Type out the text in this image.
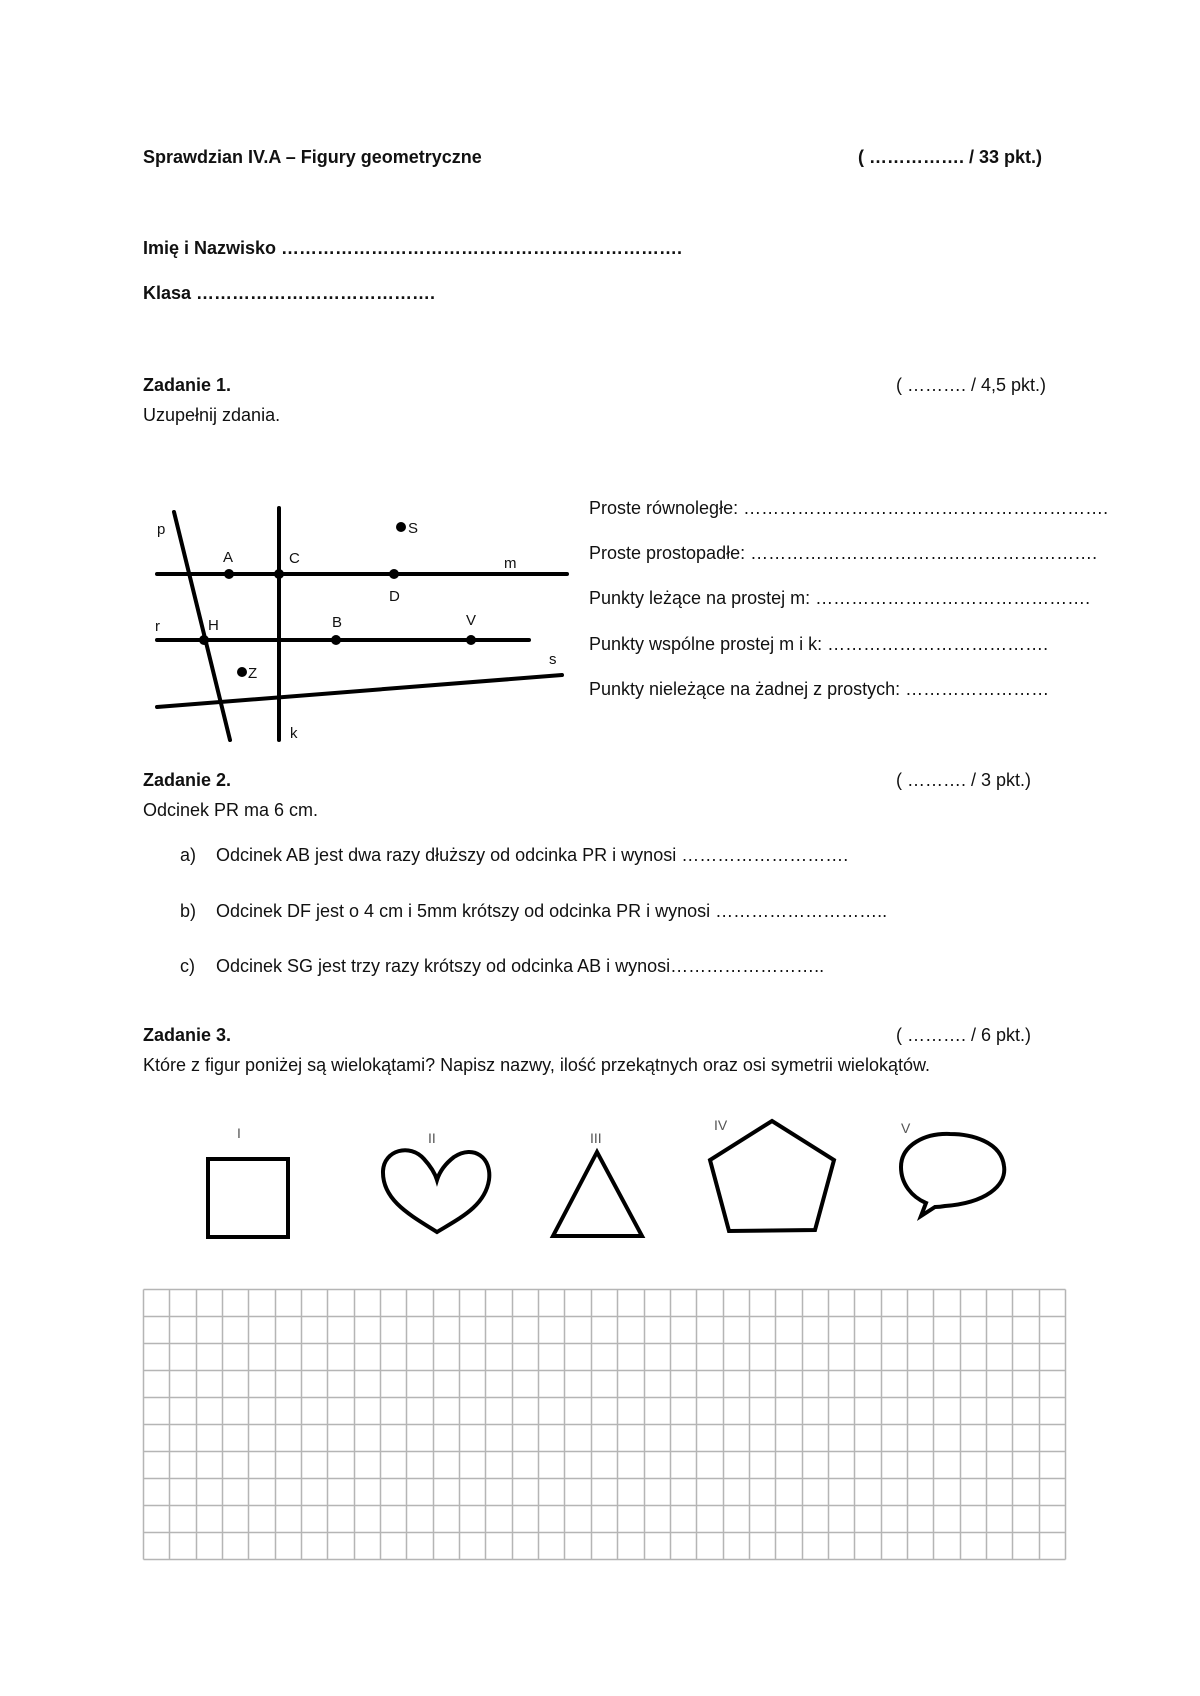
Sprawdzian IV.A – Figury geometryczne	( ……………. / 33 pkt.)
Imię i Nazwisko ………………………………………………………….
Klasa ………………………………….
Zadanie 1.	( ………. / 4,5 pkt.)
Uzupełnij zdania.
p
r
k
m
s
A	C
D
S
H	B	V
Z
Proste równoległe: …………………………………………………….
Proste prostopadłe: ………………………………………………….
Punkty leżące na prostej m: ……………………………………….
Punkty wspólne prostej m i k: ……………………………….
Punkty nieleżące na żadnej z prostych: ……………………
Zadanie 2.	( ………. / 3 pkt.)
Odcinek PR ma 6 cm.
a) Odcinek AB jest dwa razy dłuższy od odcinka PR i wynosi ……………………….
b) Odcinek DF jest o 4 cm i 5mm krótszy od odcinka PR i wynosi ………………………..
c) Odcinek SG jest trzy razy krótszy od odcinka AB i wynosi……………………..
Zadanie 3.	( ………. / 6 pkt.)
Które z figur poniżej są wielokątami? Napisz nazwy, ilość przekątnych oraz osi symetrii wielokątów.
I	II	III
IV	V
